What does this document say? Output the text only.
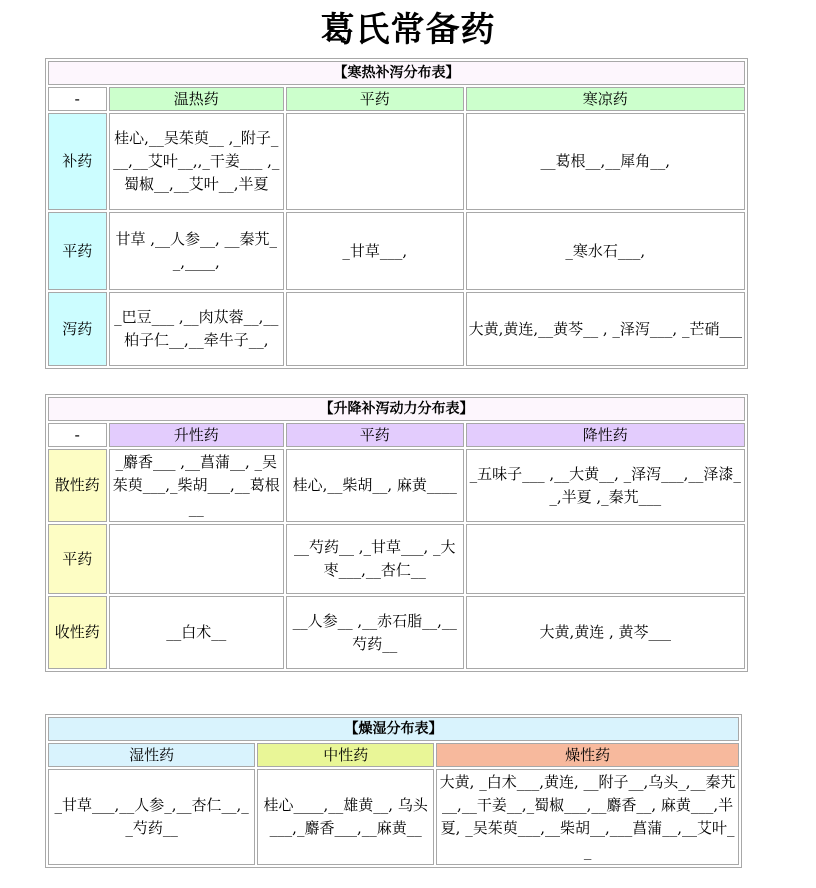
葛氏常备药
【寒热补泻分布表】			
-	温热药	平药	寒凉药
补药	桂心,__吴茱萸__ ,_附子___,__艾叶__,,_干姜___ ,_蜀椒__,__艾叶__,半夏		__葛根__,__犀角__,
平药	甘草 ,__人参__, __秦艽__,____,	_甘草___,	_寒水石___,
泻药	_巴豆___ ,__肉苁蓉__,__柏子仁__,__牵牛子__,		大黄,黄连,__黄芩__ , _泽泻___, _芒硝___
【升降补泻动力分布表】			
-	升性药	平药	降性药
散性药	_麝香___ ,__菖蒲__, _吴茱萸___,_柴胡___,__葛根__	桂心,__柴胡__, 麻黄____	_五味子___ ,__大黄__, _泽泻___,__泽漆__,半夏 ,_秦艽___
平药		__芍药__ ,_甘草___, _大枣___,__杏仁__	
收性药	__白术__	__人参__ ,__赤石脂__,__芍药__	大黄,黄连 , 黄芩___
【燥湿分布表】		
湿性药	中性药	燥性药
_甘草___,__人参_,__杏仁__,__芍药__	桂心____,__雄黄__, 乌头___,_麝香___,__麻黄__	大黄, _白术___,黄连, __附子__,乌头_,__秦艽__,__干姜__,_蜀椒___,__麝香__, 麻黄___,半夏, _吴茱萸___,__柴胡__,___菖蒲__,__艾叶__
